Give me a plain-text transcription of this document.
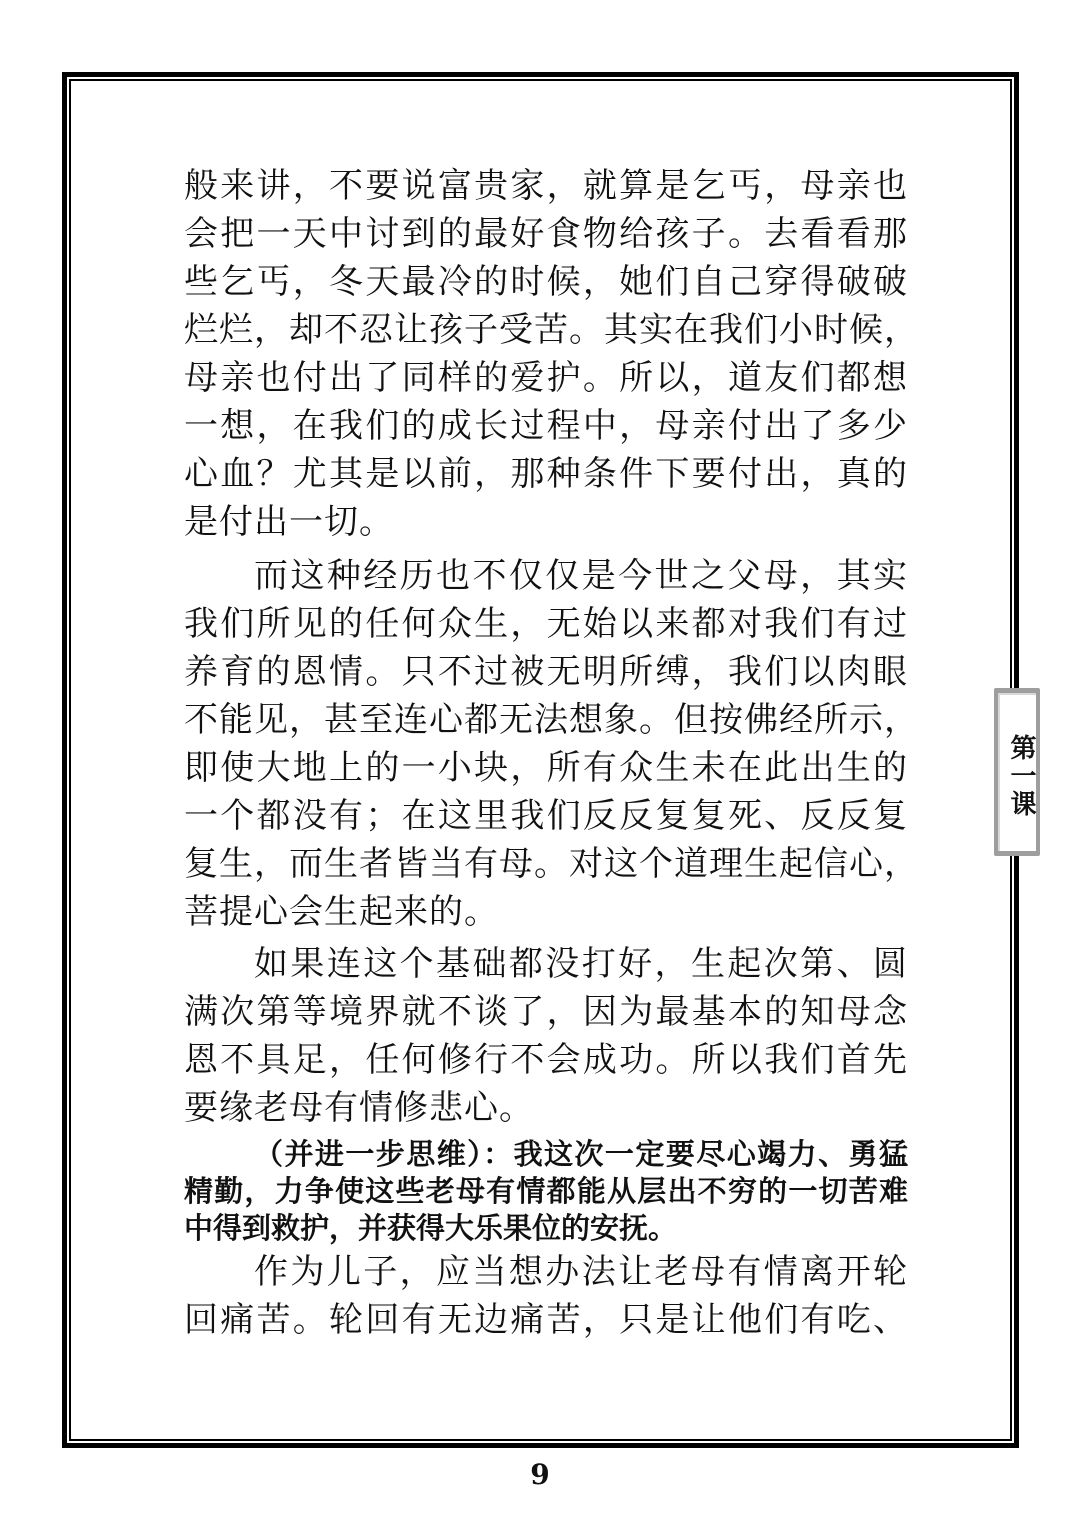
般来讲，不要说富贵家，就算是乞丐，母亲也
会把一天中讨到的最好食物给孩子。去看看那
些乞丐，冬天最冷的时候，她们自己穿得破破
烂烂，却不忍让孩子受苦。其实在我们小时候，
母亲也付出了同样的爱护。所以，道友们都想
一想，在我们的成长过程中，母亲付出了多少
心血？尤其是以前，那种条件下要付出，真的
是付出一切。
而这种经历也不仅仅是今世之父母，其实
我们所见的任何众生，无始以来都对我们有过
养育的恩情。只不过被无明所缚，我们以肉眼
不能见，甚至连心都无法想象。但按佛经所示，
即使大地上的一小块，所有众生未在此出生的
一个都没有；在这里我们反反复复死、反反复
复生，而生者皆当有母。对这个道理生起信心，
菩提心会生起来的。
如果连这个基础都没打好，生起次第、圆
满次第等境界就不谈了，因为最基本的知母念
恩不具足，任何修行不会成功。所以我们首先
要缘老母有情修悲心。
（并进一步思维）：我这次一定要尽心竭力、勇猛
精勤，力争使这些老母有情都能从层出不穷的一切苦难
中得到救护，并获得大乐果位的安抚。
作为儿子，应当想办法让老母有情离开轮
回痛苦。轮回有无边痛苦，只是让他们有吃、
第一课
9
